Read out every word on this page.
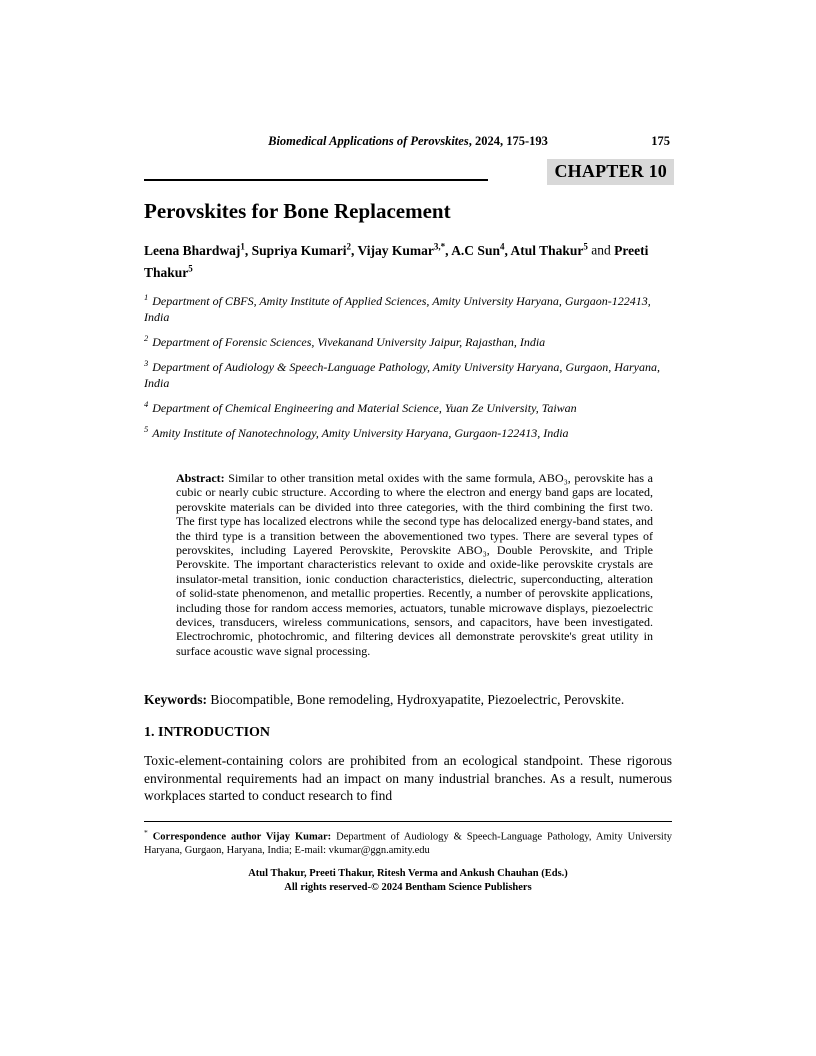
Biomedical Applications of Perovskites, 2024, 175-193	175
CHAPTER 10
Perovskites for Bone Replacement

Leena Bhardwaj$^1$, Supriya Kumari$^2$, Vijay Kumar$^{3,*}$, A.C Sun$^4$, Atul Thakur$^5$ and Preeti Thakur$^5$

$^1$ Department of CBFS, Amity Institute of Applied Sciences, Amity University Haryana, Gurgaon-122413, India

$^2$ Department of Forensic Sciences, Vivekanand University Jaipur, Rajasthan, India

$^3$ Department of Audiology & Speech-Language Pathology, Amity University Haryana, Gurgaon, Haryana, India

$^4$ Department of Chemical Engineering and Material Science, Yuan Ze University, Taiwan

$^5$ Amity Institute of Nanotechnology, Amity University Haryana, Gurgaon-122413, India

Abstract: Similar to other transition metal oxides with the same formula, ABO₃, perovskite has a cubic or nearly cubic structure. According to where the electron and energy band gaps are located, perovskite materials can be divided into three categories, with the third combining the first two. The first type has localized electrons while the second type has delocalized energy-band states, and the third type is a transition between the abovementioned two types. There are several types of perovskites, including Layered Perovskite, Perovskite ABO₃, Double Perovskite, and Triple Perovskite. The important characteristics relevant to oxide and oxide-like perovskite crystals are insulator-metal transition, ionic conduction characteristics, dielectric, superconducting, alteration of solid-state phenomenon, and metallic properties. Recently, a number of perovskite applications, including those for random access memories, actuators, tunable microwave displays, piezoelectric devices, transducers, wireless communications, sensors, and capacitors, have been investigated. Electrochromic, photochromic, and filtering devices all demonstrate perovskite's great utility in surface acoustic wave signal processing.

Keywords: Biocompatible, Bone remodeling, Hydroxyapatite, Piezoelectric, Perovskite.

1. INTRODUCTION

Toxic-element-containing colors are prohibited from an ecological standpoint. These rigorous environmental requirements had an impact on many industrial branches. As a result, numerous workplaces started to conduct research to find

* Correspondence author Vijay Kumar: Department of Audiology & Speech-Language Pathology, Amity University Haryana, Gurgaon, Haryana, India; E-mail: vkumar@ggn.amity.edu

Atul Thakur, Preeti Thakur, Ritesh Verma and Ankush Chauhan (Eds.)
All rights reserved-© 2024 Bentham Science Publishers
